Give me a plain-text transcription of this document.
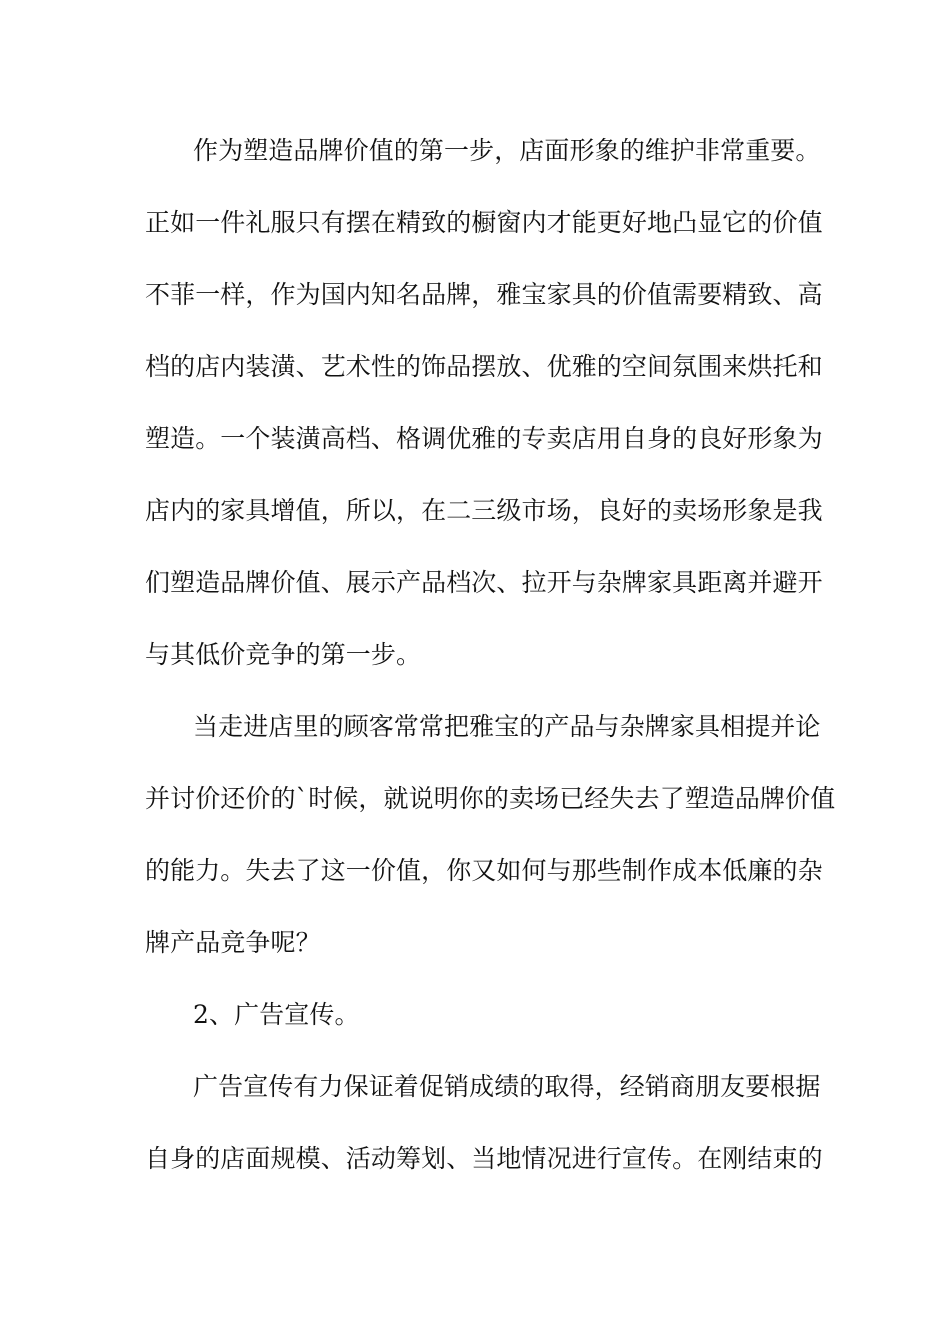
作为塑造品牌价值的第一步，店面形象的维护非常重要。
正如一件礼服只有摆在精致的橱窗内才能更好地凸显它的价值
不菲一样，作为国内知名品牌，雅宝家具的价值需要精致、高
档的店内装潢、艺术性的饰品摆放、优雅的空间氛围来烘托和
塑造。一个装潢高档、格调优雅的专卖店用自身的良好形象为
店内的家具增值，所以，在二三级市场，良好的卖场形象是我
们塑造品牌价值、展示产品档次、拉开与杂牌家具距离并避开
与其低价竞争的第一步。
当走进店里的顾客常常把雅宝的产品与杂牌家具相提并论
并讨价还价的`时候，就说明你的卖场已经失去了塑造品牌价值
的能力。失去了这一价值，你又如何与那些制作成本低廉的杂
牌产品竞争呢？
2、广告宣传。
广告宣传有力保证着促销成绩的取得，经销商朋友要根据
自身的店面规模、活动筹划、当地情况进行宣传。在刚结束的
